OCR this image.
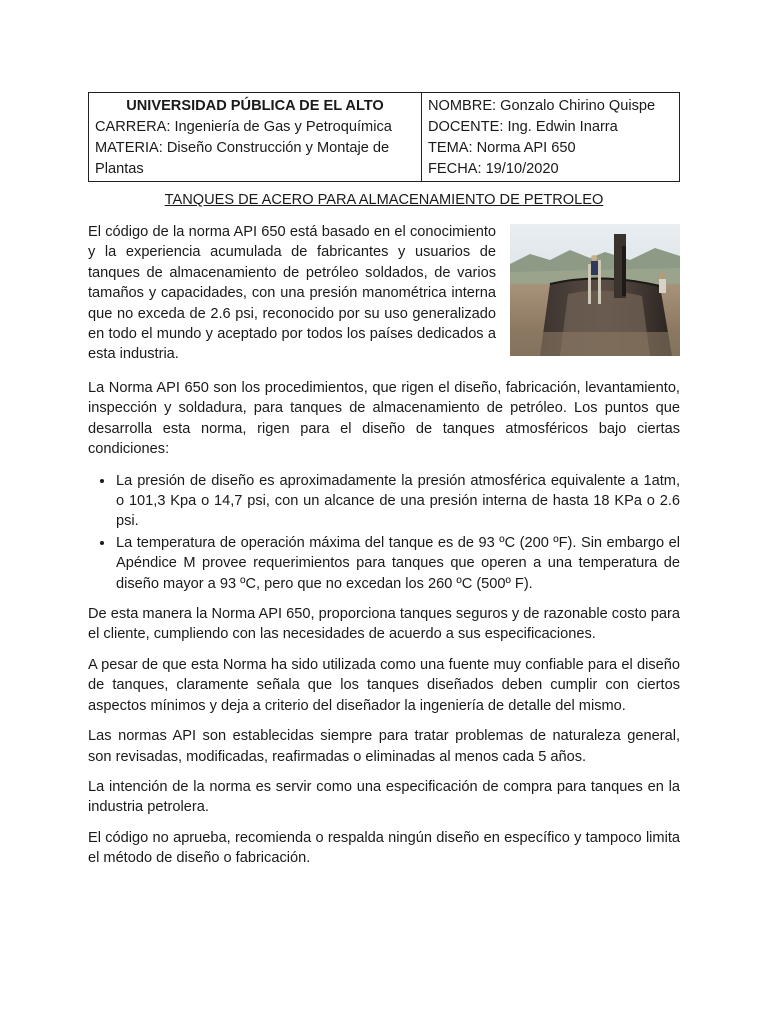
UNIVERSIDAD PÚBLICA DE EL ALTO
CARRERA: Ingeniería de Gas y Petroquímica
MATERIA: Diseño Construcción y Montaje de Plantas

NOMBRE: Gonzalo Chirino Quispe
DOCENTE: Ing. Edwin Inarra
TEMA: Norma API 650
FECHA: 19/10/2020
TANQUES DE ACERO PARA ALMACENAMIENTO DE PETROLEO

El código de la norma API 650 está basado en el conocimiento y la experiencia acumulada de fabricantes y usuarios de tanques de almacenamiento de petróleo soldados, de varios tamaños y capacidades, con una presión manométrica interna que no exceda de 2.6 psi, reconocido por su uso generalizado en todo el mundo y aceptado por todos los países dedicados a esta industria.

La Norma API 650 son los procedimientos, que rigen el diseño, fabricación, levantamiento, inspección y soldadura, para tanques de almacenamiento de petróleo. Los puntos que desarrolla esta norma, rigen para el diseño de tanques atmosféricos bajo ciertas condiciones:

• La presión de diseño es aproximadamente la presión atmosférica equivalente a 1atm, o 101,3 Kpa o 14,7 psi, con un alcance de una presión interna de hasta 18 KPa o 2.6 psi.
• La temperatura de operación máxima del tanque es de 93 ºC (200 ºF). Sin embargo el Apéndice M provee requerimientos para tanques que operen a una temperatura de diseño mayor a 93 ºC, pero que no excedan los 260 ºC (500º F).

De esta manera la Norma API 650, proporciona tanques seguros y de razonable costo para el cliente, cumpliendo con las necesidades de acuerdo a sus especificaciones.

A pesar de que esta Norma ha sido utilizada como una fuente muy confiable para el diseño de tanques, claramente señala que los tanques diseñados deben cumplir con ciertos aspectos mínimos y deja a criterio del diseñador la ingeniería de detalle del mismo.

Las normas API son establecidas siempre para tratar problemas de naturaleza general, son revisadas, modificadas, reafirmadas o eliminadas al menos cada 5 años.

La intención de la norma es servir como una especificación de compra para tanques en la industria petrolera.

El código no aprueba, recomienda o respalda ningún diseño en específico y tampoco limita el método de diseño o fabricación.
